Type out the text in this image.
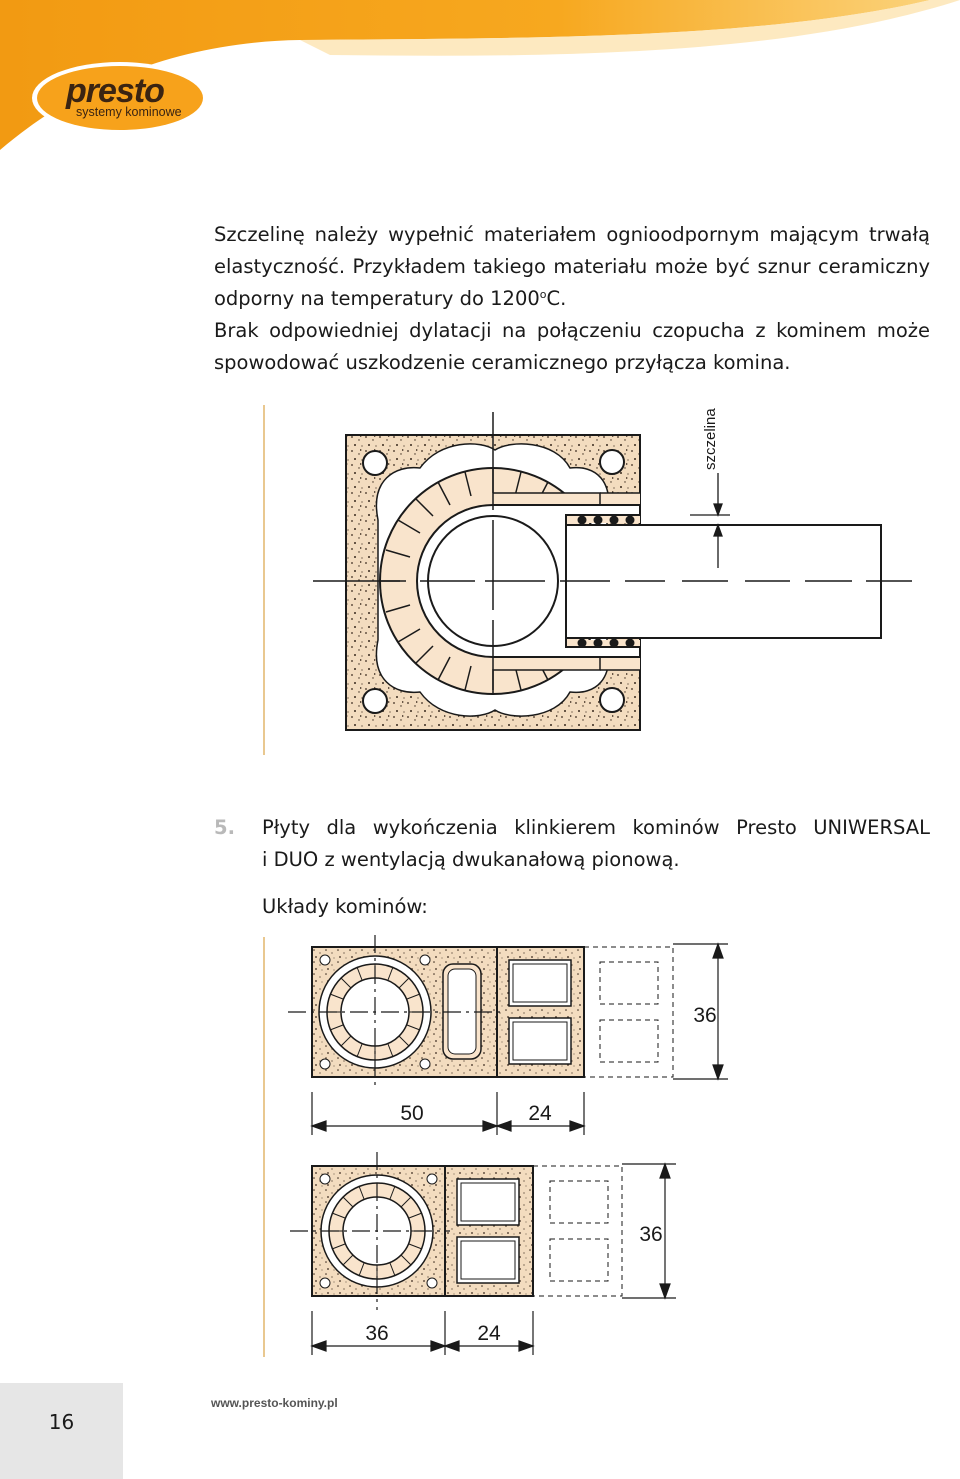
presto
systemy kominowe

Szczelinę należy wypełnić materiałem ognioodpornym mającym trwałą

elastyczność. Przykładem takiego materiału może być sznur ceramiczny

odporny na temperatury do 1200$^o$C.

Brak odpowiedniej dylatacji na połączeniu czopucha z kominem może

spowodować uszkodzenie ceramicznego przyłącza komina.

szczelina
5.	Płyty dla wykończenia klinkierem kominów Presto UNIWERSAL
i DUO z wentylacją dwukanałową pionową.
Układy kominów:
36
50	24
36
36	24
16
www.presto-kominy.pl
